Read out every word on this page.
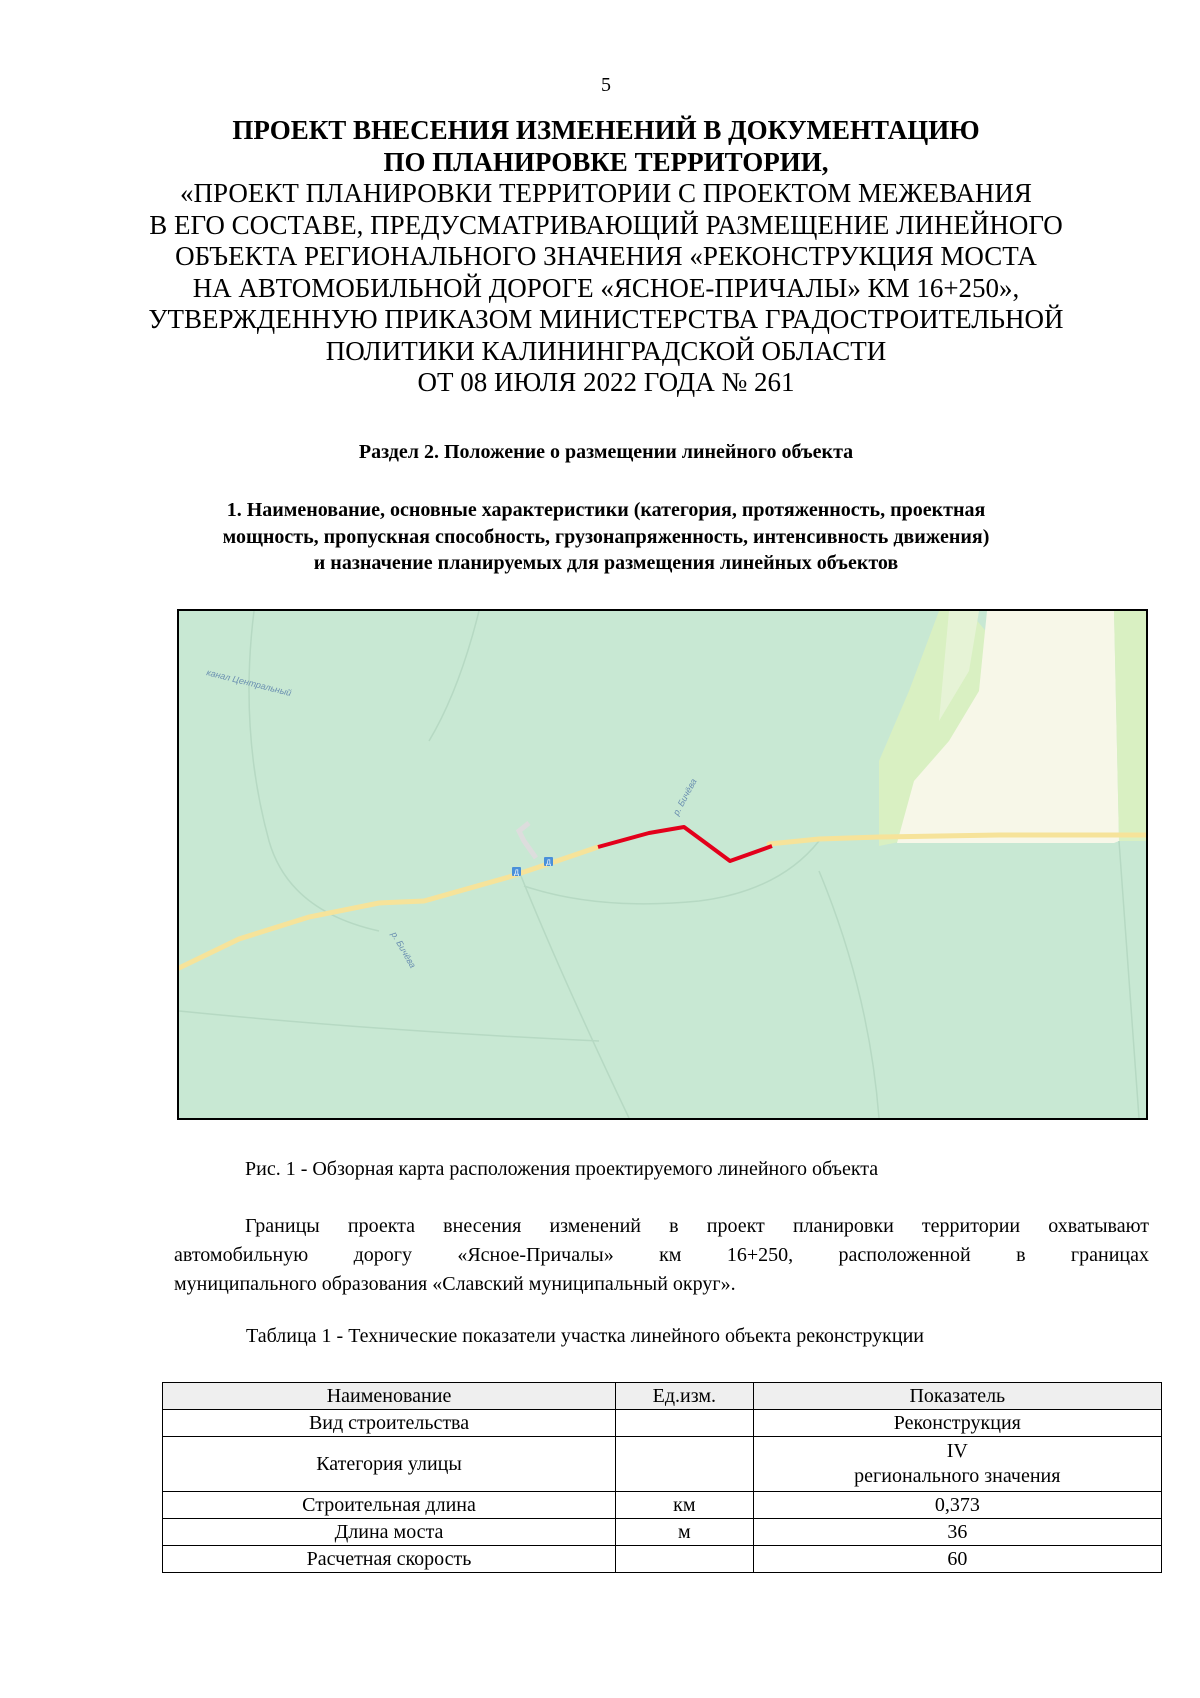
5
ПРОЕКТ ВНЕСЕНИЯ ИЗМЕНЕНИЙ В ДОКУМЕНТАЦИЮ
ПО ПЛАНИРОВКЕ ТЕРРИТОРИИ,
«ПРОЕКТ ПЛАНИРОВКИ ТЕРРИТОРИИ С ПРОЕКТОМ МЕЖЕВАНИЯ
В ЕГО СОСТАВЕ, ПРЕДУСМАТРИВАЮЩИЙ РАЗМЕЩЕНИЕ ЛИНЕЙНОГО
ОБЪЕКТА РЕГИОНАЛЬНОГО ЗНАЧЕНИЯ «РЕКОНСТРУКЦИЯ МОСТА
НА АВТОМОБИЛЬНОЙ ДОРОГЕ «ЯСНОЕ-ПРИЧАЛЫ» КМ 16+250»,
УТВЕРЖДЕННУЮ ПРИКАЗОМ МИНИСТЕРСТВА ГРАДОСТРОИТЕЛЬНОЙ
ПОЛИТИКИ КАЛИНИНГРАДСКОЙ ОБЛАСТИ
ОТ 08 ИЮЛЯ 2022 ГОДА № 261
Раздел 2. Положение о размещении линейного объекта
1. Наименование, основные характеристики (категория, протяженность, проектная
мощность, пропускная способность, грузонапряженность, интенсивность движения)
и назначение планируемых для размещения линейных объектов
Д
Д
канал Центральный
р. Бичёва
р. Бичёва
Рис. 1 - Обзорная карта расположения проектируемого линейного объекта
Границы проекта внесения изменений в проект планировки территории охватывают
автомобильную дорогу «Ясное-Причалы» км 16+250, расположенной в границах
муниципального образования «Славский муниципальный округ».
Таблица 1 - Технические показатели участка линейного объекта реконструкции
Наименование	Ед.изм.	Показатель
Вид строительства		Реконструкция
Категория улицы		IV
регионального значения

Строительная длина	км	0,373
Длина моста	м	36
Расчетная скорость		60
